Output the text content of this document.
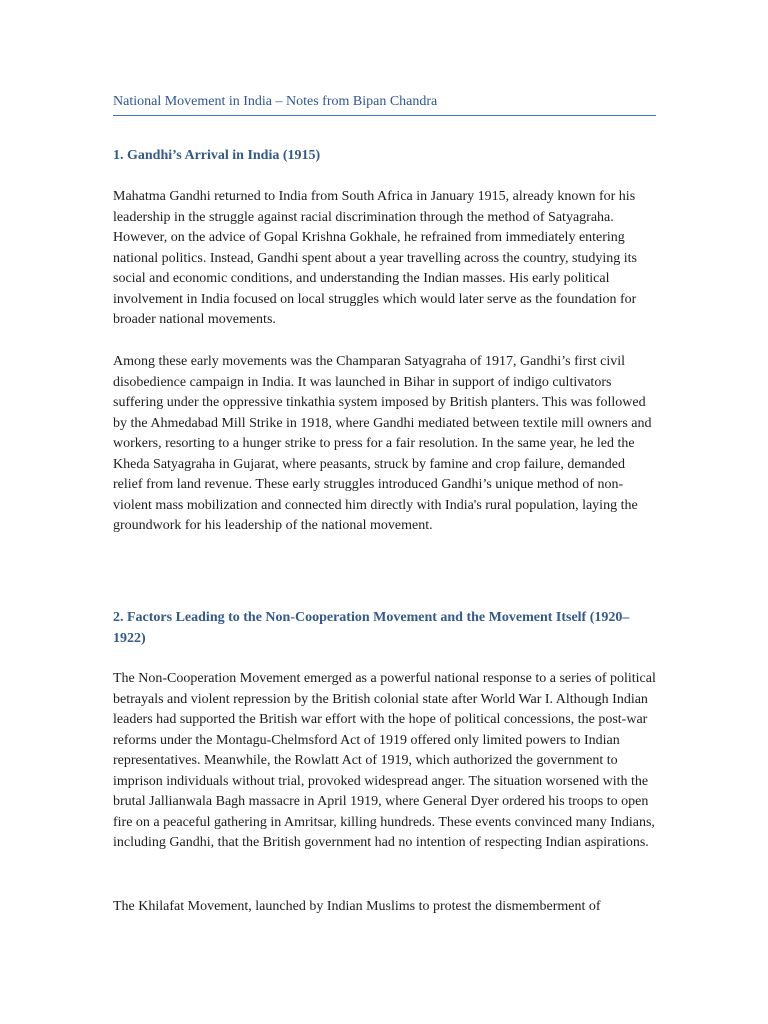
National Movement in India – Notes from Bipan Chandra
1. Gandhi’s Arrival in India (1915)

Mahatma Gandhi returned to India from South Africa in January 1915, already known for his leadership in the struggle against racial discrimination through the method of Satyagraha. However, on the advice of Gopal Krishna Gokhale, he refrained from immediately entering national politics. Instead, Gandhi spent about a year travelling across the country, studying its social and economic conditions, and understanding the Indian masses. His early political involvement in India focused on local struggles which would later serve as the foundation for broader national movements.

Among these early movements was the Champaran Satyagraha of 1917, Gandhi’s first civil disobedience campaign in India. It was launched in Bihar in support of indigo cultivators suffering under the oppressive tinkathia system imposed by British planters. This was followed by the Ahmedabad Mill Strike in 1918, where Gandhi mediated between textile mill owners and workers, resorting to a hunger strike to press for a fair resolution. In the same year, he led the Kheda Satyagraha in Gujarat, where peasants, struck by famine and crop failure, demanded relief from land revenue. These early struggles introduced Gandhi’s unique method of non-violent mass mobilization and connected him directly with India's rural population, laying the groundwork for his leadership of the national movement.

2. Factors Leading to the Non-Cooperation Movement and the Movement Itself (1920–1922)

The Non-Cooperation Movement emerged as a powerful national response to a series of political betrayals and violent repression by the British colonial state after World War I. Although Indian leaders had supported the British war effort with the hope of political concessions, the post-war reforms under the Montagu-Chelmsford Act of 1919 offered only limited powers to Indian representatives. Meanwhile, the Rowlatt Act of 1919, which authorized the government to imprison individuals without trial, provoked widespread anger. The situation worsened with the brutal Jallianwala Bagh massacre in April 1919, where General Dyer ordered his troops to open fire on a peaceful gathering in Amritsar, killing hundreds. These events convinced many Indians, including Gandhi, that the British government had no intention of respecting Indian aspirations.

The Khilafat Movement, launched by Indian Muslims to protest the dismemberment of
